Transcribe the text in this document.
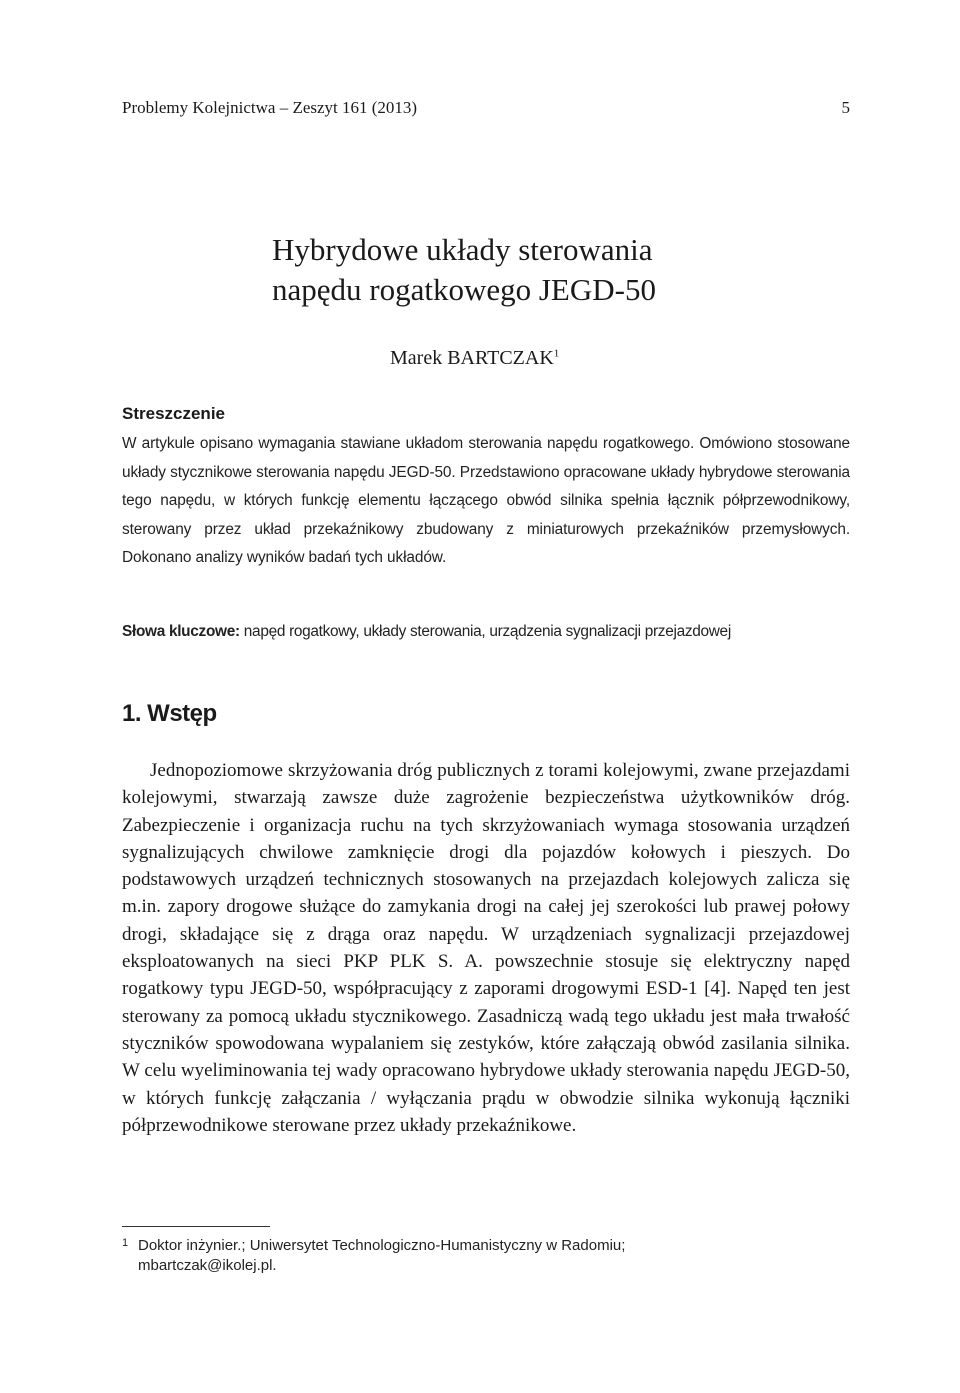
Problemy Kolejnictwa – Zeszyt 161 (2013)	5
Hybrydowe układy sterowania
napędu rogatkowego JEGD-50
Marek BARTCZAK$^1$
Streszczenie
W artykule opisano wymagania stawiane układom sterowania napędu rogatkowego. Omówiono stosowane układy stycznikowe sterowania napędu JEGD-50. Przedstawiono opracowane układy hybrydowe sterowania tego napędu, w których funkcję elementu łączącego obwód silnika spełnia łącznik półprzewodnikowy, sterowany przez układ przekaźnikowy zbudowany z miniaturowych przekaźników przemysłowych. Dokonano analizy wyników badań tych układów.
Słowa kluczowe: napęd rogatkowy, układy sterowania, urządzenia sygnalizacji przejazdowej
1. Wstęp
Jednopoziomowe skrzyżowania dróg publicznych z torami kolejowymi, zwane przejazdami kolejowymi, stwarzają zawsze duże zagrożenie bezpieczeństwa użytkowników dróg. Zabezpieczenie i organizacja ruchu na tych skrzyżowaniach wymaga stosowania urządzeń sygnalizujących chwilowe zamknięcie drogi dla pojazdów kołowych i pieszych. Do podstawowych urządzeń technicznych stosowanych na przejazdach kolejowych zalicza się m.in. zapory drogowe służące do zamykania drogi na całej jej szerokości lub prawej połowy drogi, składające się z drąga oraz napędu. W urządzeniach sygnalizacji przejazdowej eksploatowanych na sieci PKP PLK S. A. powszechnie stosuje się elektryczny napęd rogatkowy typu JEGD-50, współpracujący z zaporami drogowymi ESD-1 [4]. Napęd ten jest sterowany za pomocą układu stycznikowego. Zasadniczą wadą tego układu jest mała trwałość styczników spowodowana wypalaniem się zestyków, które załączają obwód zasilania silnika. W celu wyeliminowania tej wady opracowano hybrydowe układy sterowania napędu JEGD-50, w których funkcję załączania / wyłączania prądu w obwodzie silnika wykonują łączniki półprzewodnikowe sterowane przez układy przekaźnikowe.
1 Doktor inżynier.; Uniwersytet Technologiczno-Humanistyczny w Radomiu;
mbartczak@ikolej.pl.
